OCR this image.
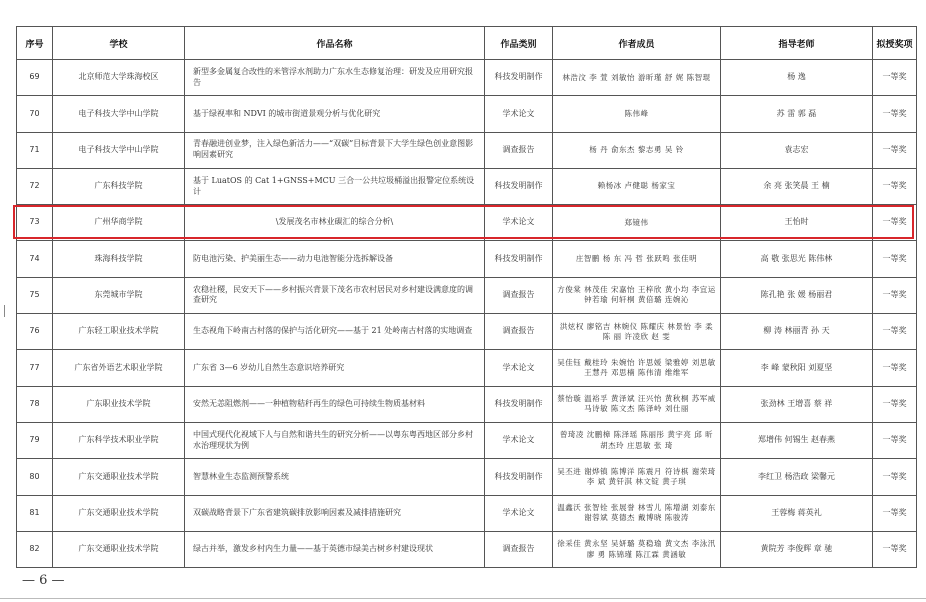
序号	学校	作品名称	作品类别	作者成员	指导老师	拟授奖项
69	北京师范大学珠海校区	新型多金属复合改性的米管浮水剂助力广东水生态修复治理：研发及应用研究报告	科技发明制作	林浩汶 李 萱 刘敏怡 游昕瑾 舒 娓 陈智琨	杨 逸	一等奖
70	电子科技大学中山学院	基于绿视率和 NDVI 的城市街道景观分析与优化研究	学术论文	陈伟峰	苏 雷 郭 磊	一等奖
71	电子科技大学中山学院	青春融进创业梦，注入绿色新活力——“双碳”目标背景下大学生绿色创业意图影响因素研究	调查报告	杨 丹 俞东杰 黎志勇 吴 铃	袁志宏	一等奖
72	广东科技学院	基于 LuatOS 的 Cat 1+GNSS+MCU 三合一公共垃圾桶溢出报警定位系统设计	科技发明制作	赖杨冰 卢健聪 杨家宝	余 亮 张笑晨 王 楠	一等奖
73	广州华商学院	\发展茂名市林业碳汇的综合分析\	学术论文	郑镜伟	王怡时	一等奖
74	珠海科技学院	防电池污染、护美丽生态——动力电池智能分选拆解设备	科技发明制作	庄智鹏 杨 东 冯 哲 张跃鸣 张佳明	高 敬 张思光 陈伟林	一等奖
75	东莞城市学院	农稳社稷，民安天下——乡村振兴背景下茂名市农村居民对乡村建设满意度的调查研究	调查报告	方俊棠 林茂佳 宋嘉怡 王梓欣 黄小均 李宜运 钟若瑜 何轩桐 黄倍璐 连婉沁	陈孔艳 张 媛 杨丽君	一等奖
76	广东轻工职业技术学院	生态视角下岭南古村落的保护与活化研究——基于 21 处岭南古村落的实地调查	调查报告	洪炫权 廖铭吉 林婉仪 陈耀庆 林景怡 李 柔 陈 丽 许凌欣 赵 雯	柳 涛 林丽青 孙 天	一等奖
77	广东省外语艺术职业学院	广东省 3—6 岁幼儿自然生态意识培养研究	学术论文	吴佳钰 戴桂玲 朱婉怡 许思媛 梁雅婷 刘思敏 王慧丹 邓思楠 陈伟清 维维军	李 峰 蒙秋阳 刘夏坚	一等奖
78	广东职业技术学院	安然无恙阻燃剂——一种植物秸秆再生的绿色可持续生物质基材料	科技发明制作	蔡怡璇 温裕孚 黄泽斌 汪兴怡 黄秋桐 苏军威 马诗敏 陈文杰 陈泽岭 刘仕丽	张劲林 王增喜 蔡 祥	一等奖
79	广东科学技术职业学院	中国式现代化视域下人与自然和谐共生的研究分析——以粤东粤西地区部分乡村水治理现状为例	学术论文	曾琦凌 沈鹏樟 陈泽瑶 陈丽彤 黄宇亮 邱 昕 胡杰玲 庄思敏 张 琦	郑增伟 何锡生 赵春燕	一等奖
80	广东交通职业技术学院	智慧林业生态监测预警系统	科技发明制作	吴丕进 谢烨镇 陈博洋 陈震月 符诗棋 谢荣琦 李 斌 黄钎淇 林文锭 黄子琪	李红卫 杨浩政 梁馨元	一等奖
81	广东交通职业技术学院	双碳战略背景下广东省建筑碳排放影响因素及减排措施研究	学术论文	温鑫沃 张智铨 张展誉 林雪儿 陈增湖 刘泰东 谢蓉斌 莫德杰 戴博晓 陈骏涛	王蓉梅 蒋英礼	一等奖
82	广东交通职业技术学院	绿古并举，激发乡村内生力量——基于英德市绿美古树乡村建设现状	调查报告	徐采佳 黄永坚 吴妍璐 莫稳瑜 黄文杰 李泳汛 廖 勇 陈锦瑾 陈江霖 黄涵敏	黄院芳 李俊辉 章 驰	一等奖
— 6 —
